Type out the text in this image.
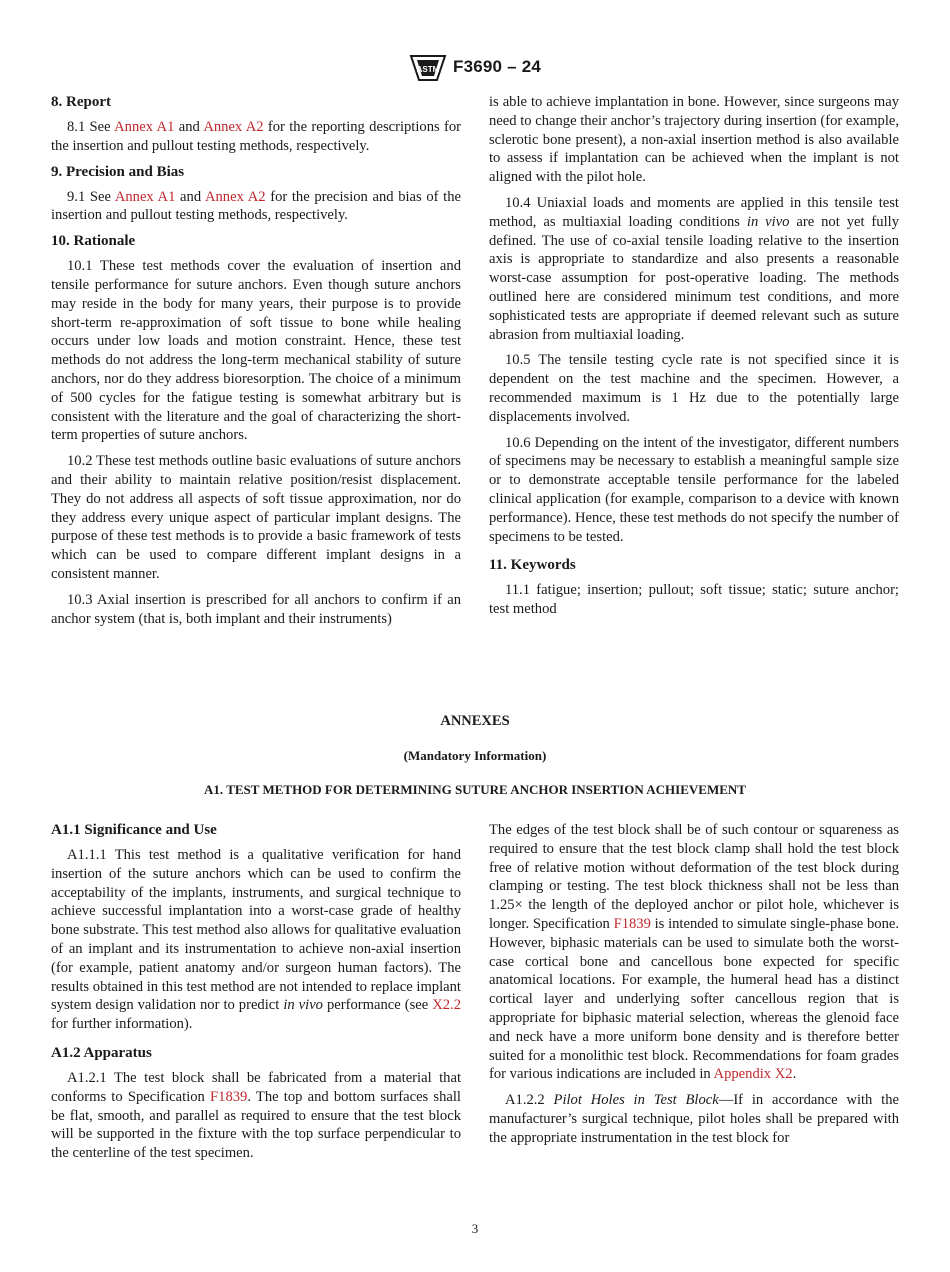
ASTM F3690 – 24
8. Report

8.1 See Annex A1 and Annex A2 for the reporting descriptions for the insertion and pullout testing methods, respectively.

9. Precision and Bias

9.1 See Annex A1 and Annex A2 for the precision and bias of the insertion and pullout testing methods, respectively.

10. Rationale

10.1 These test methods cover the evaluation of insertion and tensile performance for suture anchors. Even though suture anchors may reside in the body for many years, their purpose is to provide short-term re-approximation of soft tissue to bone while healing occurs under low loads and motion constraint. Hence, these test methods do not address the long-term mechanical stability of suture anchors, nor do they address bioresorption. The choice of a minimum of 500 cycles for the fatigue testing is somewhat arbitrary but is consistent with the literature and the goal of characterizing the short-term properties of suture anchors.

10.2 These test methods outline basic evaluations of suture anchors and their ability to maintain relative position/resist displacement. They do not address all aspects of soft tissue approximation, nor do they address every unique aspect of particular implant designs. The purpose of these test methods is to provide a basic framework of tests which can be used to compare different implant designs in a consistent manner.

10.3 Axial insertion is prescribed for all anchors to confirm if an anchor system (that is, both implant and their instruments)

is able to achieve implantation in bone. However, since surgeons may need to change their anchor’s trajectory during insertion (for example, sclerotic bone present), a non-axial insertion method is also available to assess if implantation can be achieved when the implant is not aligned with the pilot hole.

10.4 Uniaxial loads and moments are applied in this tensile test method, as multiaxial loading conditions in vivo are not yet fully defined. The use of co-axial tensile loading relative to the insertion axis is appropriate to standardize and also presents a reasonable worst-case assumption for post-operative loading. The methods outlined here are considered minimum test conditions, and more sophisticated tests are appropriate if deemed relevant such as suture abrasion from multiaxial loading.

10.5 The tensile testing cycle rate is not specified since it is dependent on the test machine and the specimen. However, a recommended maximum is 1 Hz due to the potentially large displacements involved.

10.6 Depending on the intent of the investigator, different numbers of specimens may be necessary to establish a meaningful sample size or to demonstrate acceptable tensile performance for the labeled clinical application (for example, comparison to a device with known performance). Hence, these test methods do not specify the number of specimens to be tested.

11. Keywords

11.1 fatigue; insertion; pullout; soft tissue; static; suture anchor; test method

ANNEXES
(Mandatory Information)
A1. TEST METHOD FOR DETERMINING SUTURE ANCHOR INSERTION ACHIEVEMENT
A1.1 Significance and Use

A1.1.1 This test method is a qualitative verification for hand insertion of the suture anchors which can be used to confirm the acceptability of the implants, instruments, and surgical technique to achieve successful implantation into a worst-case grade of healthy bone substrate. This test method also allows for qualitative evaluation of an implant and its instrumentation to achieve non-axial insertion (for example, patient anatomy and/or surgeon human factors). The results obtained in this test method are not intended to replace implant system design validation nor to predict in vivo performance (see X2.2 for further information).

A1.2 Apparatus

A1.2.1 The test block shall be fabricated from a material that conforms to Specification F1839. The top and bottom surfaces shall be flat, smooth, and parallel as required to ensure that the test block will be supported in the fixture with the top surface perpendicular to the centerline of the test specimen.

The edges of the test block shall be of such contour or squareness as required to ensure that the test block clamp shall hold the test block free of relative motion without deformation of the test block during clamping or testing. The test block thickness shall not be less than 1.25× the length of the deployed anchor or pilot hole, whichever is longer. Specification F1839 is intended to simulate single-phase bone. However, biphasic materials can be used to simulate both the worst-case cortical bone and cancellous bone expected for specific anatomical locations. For example, the humeral head has a distinct cortical layer and underlying softer cancellous region that is appropriate for biphasic material selection, whereas the glenoid face and neck have a more uniform bone density and is therefore better suited for a monolithic test block. Recommendations for foam grades for various indications are included in Appendix X2.

A1.2.2 Pilot Holes in Test Block—If in accordance with the manufacturer’s surgical technique, pilot holes shall be prepared with the appropriate instrumentation in the test block for

3
